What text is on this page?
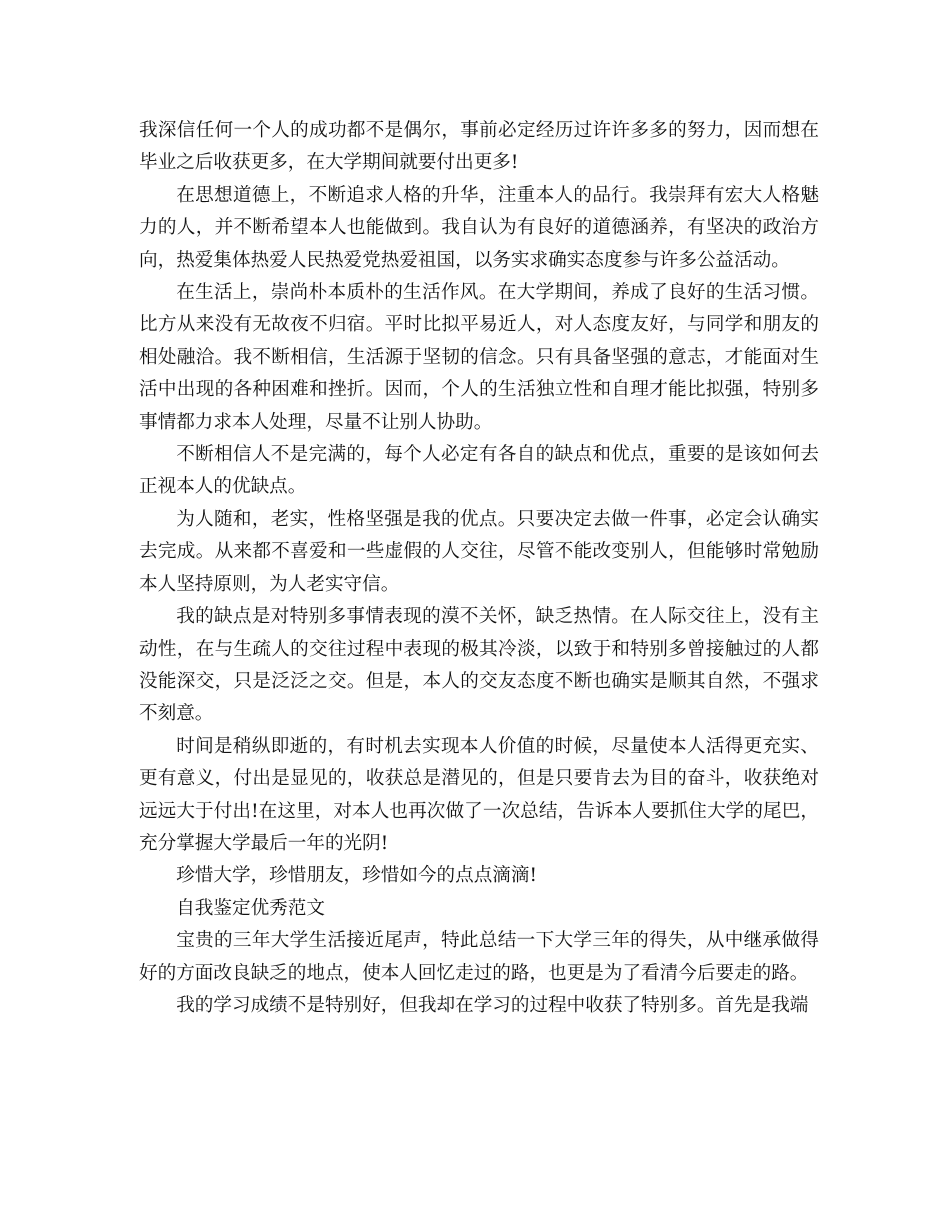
我深信任何一个人的成功都不是偶尔，事前必定经历过许许多多的努力，因而想在毕业之后收获更多，在大学期间就要付出更多!

在思想道德上，不断追求人格的升华，注重本人的品行。我崇拜有宏大人格魅力的人，并不断希望本人也能做到。我自认为有良好的道德涵养，有坚决的政治方向，热爱集体热爱人民热爱党热爱祖国，以务实求确实态度参与许多公益活动。

在生活上，崇尚朴本质朴的生活作风。在大学期间，养成了良好的生活习惯。比方从来没有无故夜不归宿。平时比拟平易近人，对人态度友好，与同学和朋友的相处融洽。我不断相信，生活源于坚韧的信念。只有具备坚强的意志，才能面对生活中出现的各种困难和挫折。因而，个人的生活独立性和自理才能比拟强，特别多事情都力求本人处理，尽量不让别人协助。

不断相信人不是完满的，每个人必定有各自的缺点和优点，重要的是该如何去正视本人的优缺点。

为人随和，老实，性格坚强是我的优点。只要决定去做一件事，必定会认确实去完成。从来都不喜爱和一些虚假的人交往，尽管不能改变别人，但能够时常勉励本人坚持原则，为人老实守信。

我的缺点是对特别多事情表现的漠不关怀，缺乏热情。在人际交往上，没有主动性，在与生疏人的交往过程中表现的极其冷淡，以致于和特别多曾接触过的人都没能深交，只是泛泛之交。但是，本人的交友态度不断也确实是顺其自然，不强求不刻意。

时间是稍纵即逝的，有时机去实现本人价值的时候，尽量使本人活得更充实、更有意义，付出是显见的，收获总是潜见的，但是只要肯去为目的奋斗，收获绝对远远大于付出!在这里，对本人也再次做了一次总结，告诉本人要抓住大学的尾巴，充分掌握大学最后一年的光阴!

珍惜大学，珍惜朋友，珍惜如今的点点滴滴!

自我鉴定优秀范文

宝贵的三年大学生活接近尾声，特此总结一下大学三年的得失，从中继承做得好的方面改良缺乏的地点，使本人回忆走过的路，也更是为了看清今后要走的路。

我的学习成绩不是特别好，但我却在学习的过程中收获了特别多。首先是我端
